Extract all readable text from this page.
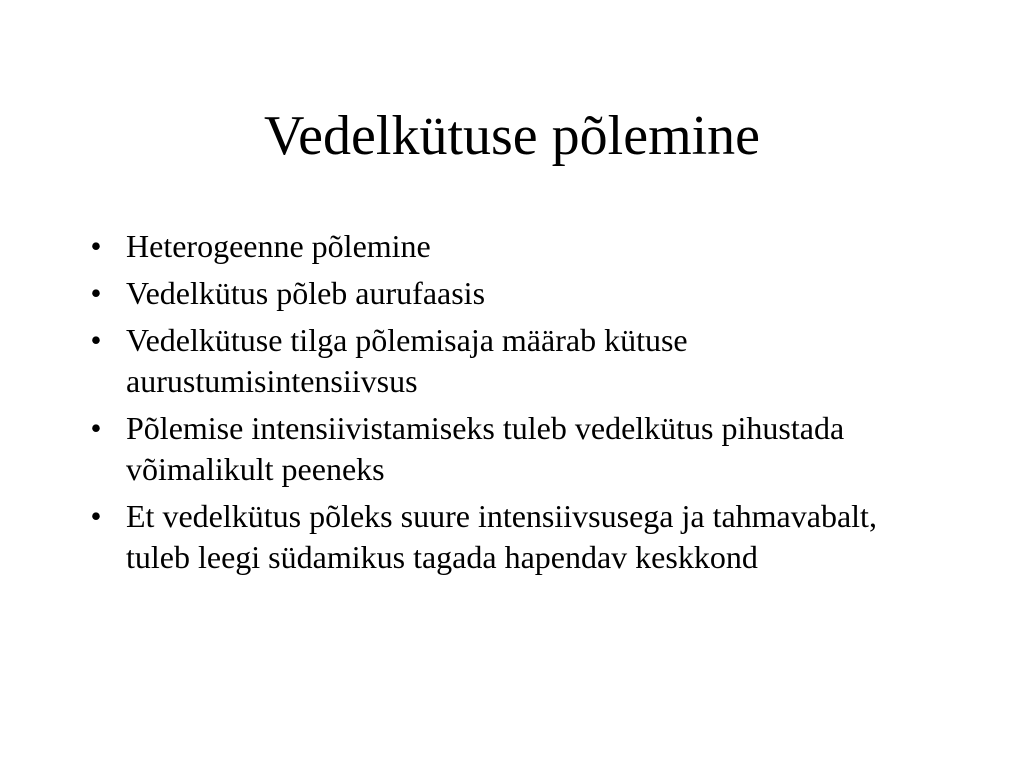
Vedelkütuse põlemine
• Heterogeenne põlemine
• Vedelkütus põleb aurufaasis
• Vedelkütuse tilga põlemisaja määrab kütuse aurustumisintensiivsus
• Põlemise intensiivistamiseks tuleb vedelkütus pihustada võimalikult peeneks
• Et vedelkütus põleks suure intensiivsusega ja tahmavabalt, tuleb leegi südamikus tagada hapendav keskkond
